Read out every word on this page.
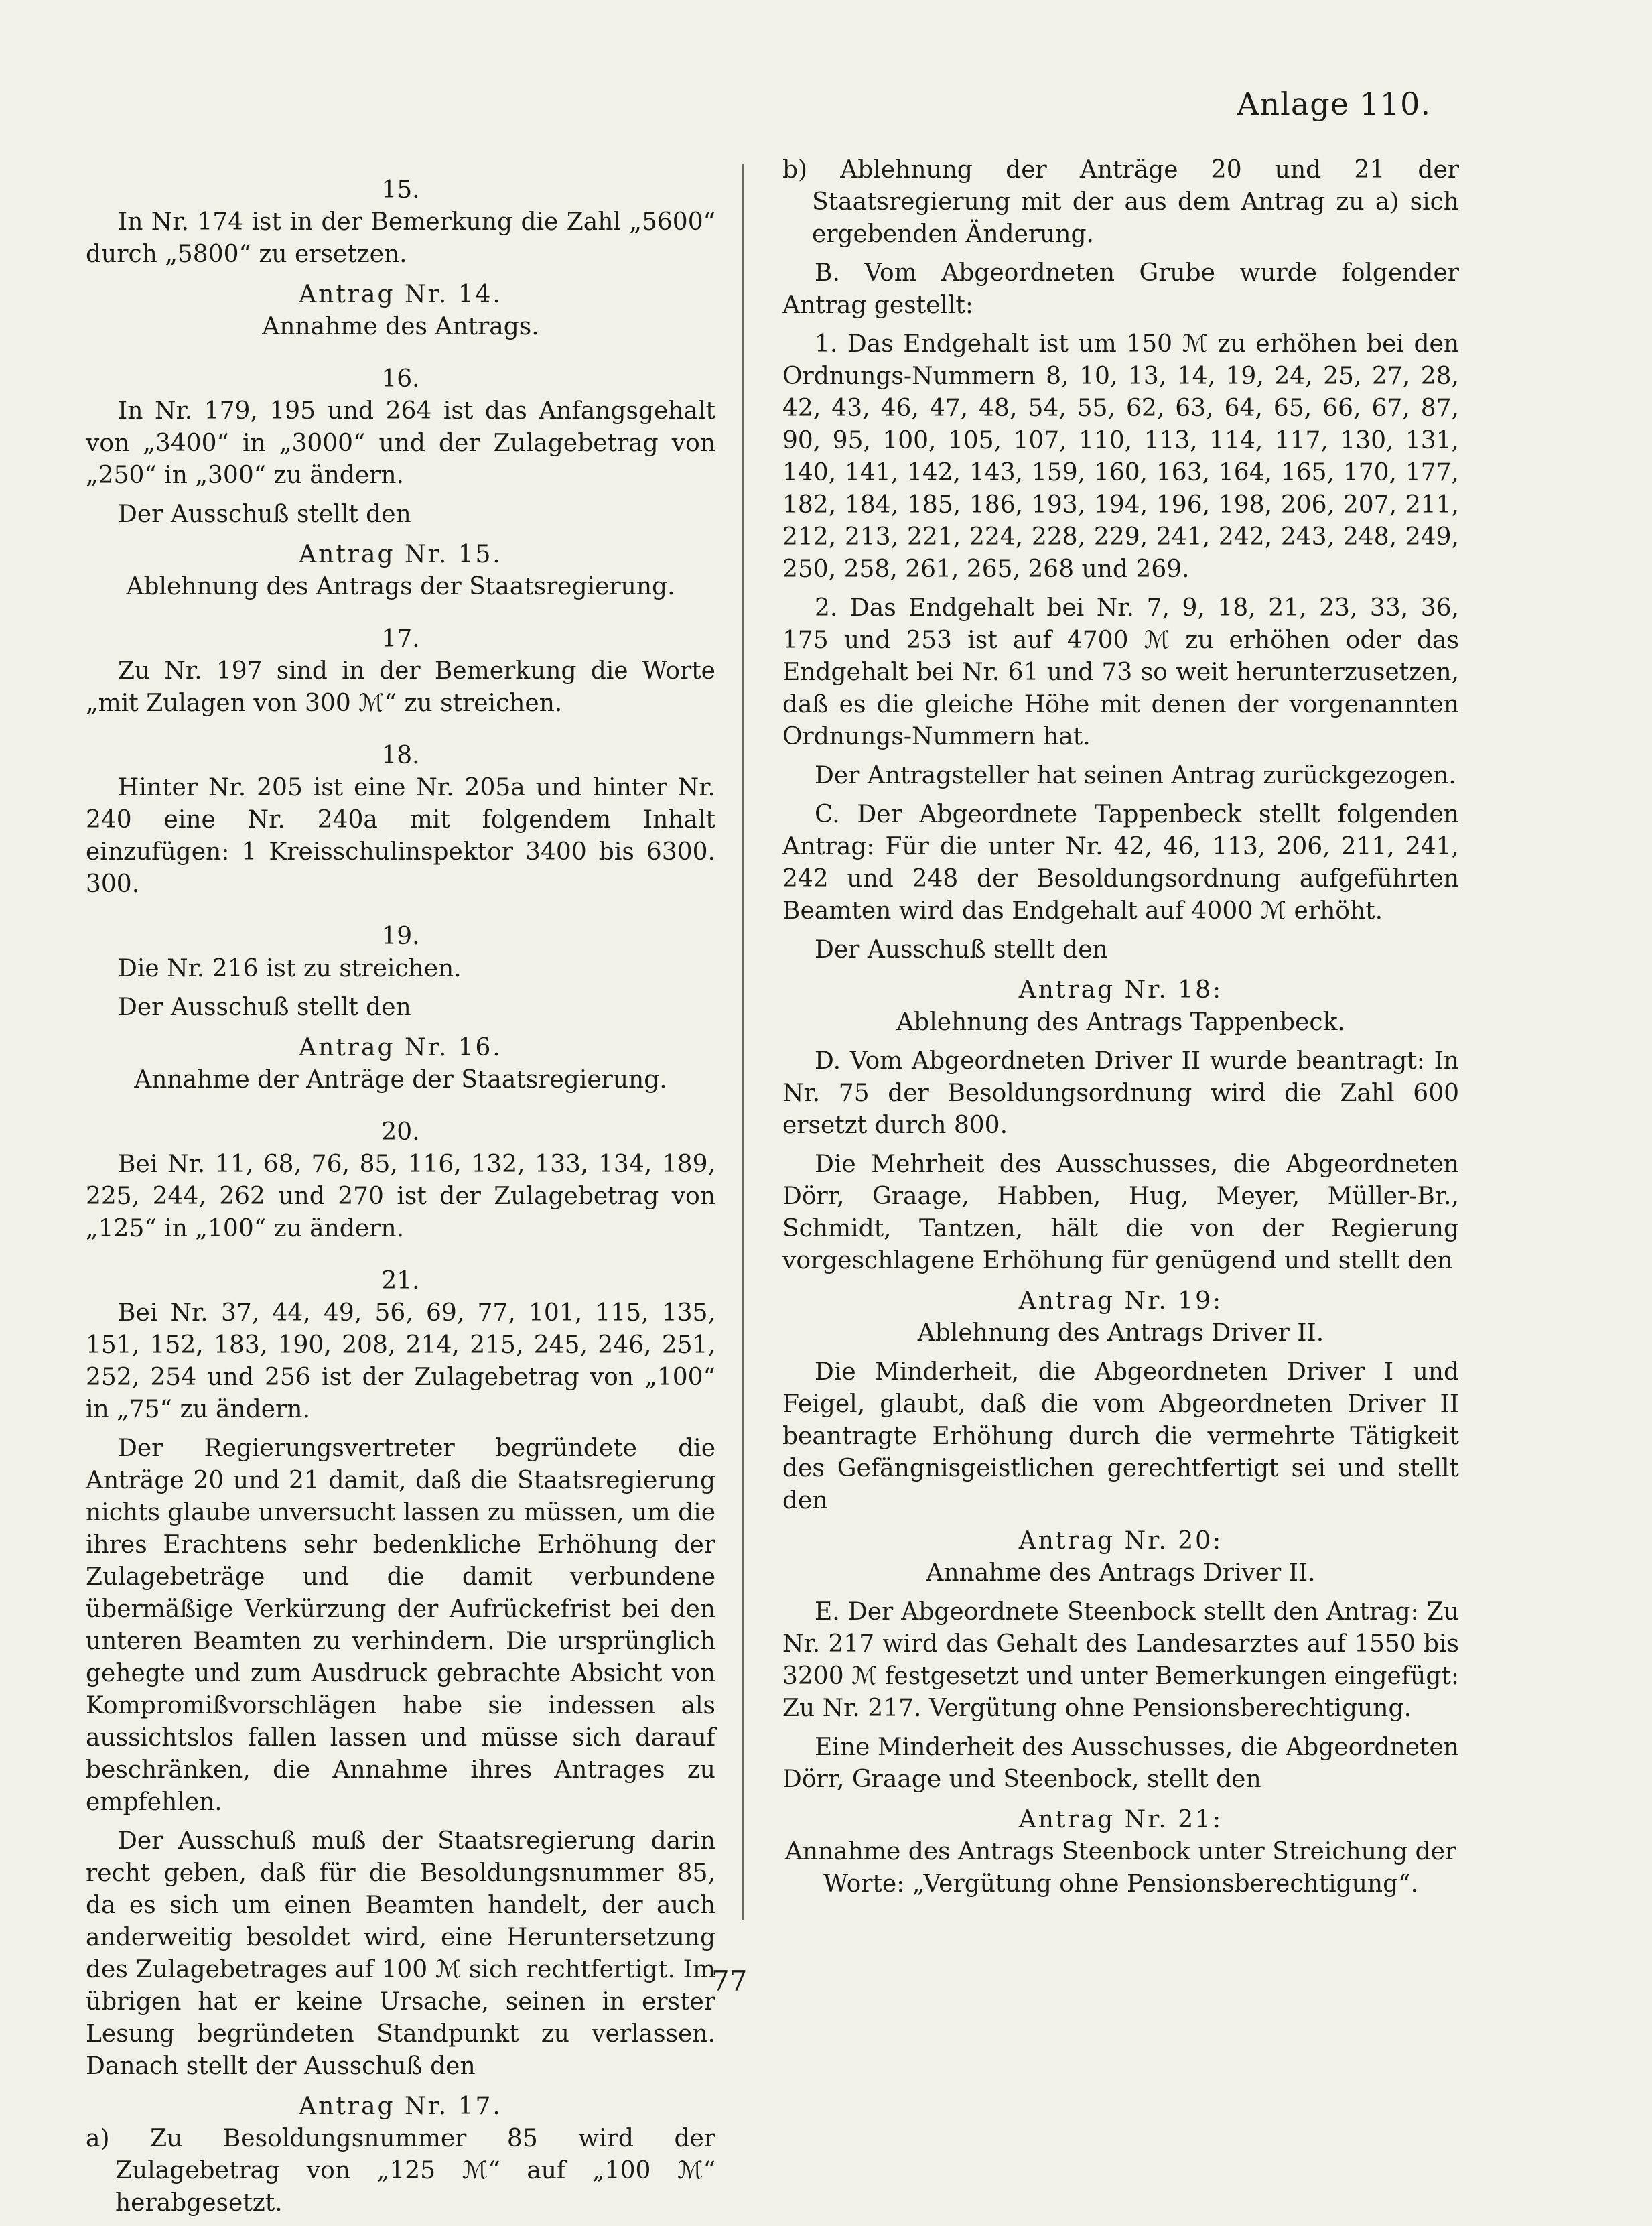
Anlage 110.
15.
In Nr. 174 ist in der Bemerkung die Zahl „5600“ durch „5800“ zu ersetzen.
Antrag Nr. 14.
Annahme des Antrags.
16.
In Nr. 179, 195 und 264 ist das Anfangsgehalt von „3400“ in „3000“ und der Zulagebetrag von „250“ in „300“ zu ändern.
Der Ausschuß stellt den
Antrag Nr. 15.
Ablehnung des Antrags der Staatsregierung.
17.
Zu Nr. 197 sind in der Bemerkung die Worte „mit Zulagen von 300 ℳ“ zu streichen.
18.
Hinter Nr. 205 ist eine Nr. 205a und hinter Nr. 240 eine Nr. 240a mit folgendem Inhalt einzufügen: 1 Kreisschulinspektor 3400 bis 6300. 300.
19.
Die Nr. 216 ist zu streichen.
Der Ausschuß stellt den
Antrag Nr. 16.
Annahme der Anträge der Staatsregierung.
20.
Bei Nr. 11, 68, 76, 85, 116, 132, 133, 134, 189, 225, 244, 262 und 270 ist der Zulagebetrag von „125“ in „100“ zu ändern.
21.
Bei Nr. 37, 44, 49, 56, 69, 77, 101, 115, 135, 151, 152, 183, 190, 208, 214, 215, 245, 246, 251, 252, 254 und 256 ist der Zulagebetrag von „100“ in „75“ zu ändern.
Der Regierungsvertreter begründete die Anträge 20 und 21 damit, daß die Staatsregierung nichts glaube unversucht lassen zu müssen, um die ihres Erachtens sehr bedenkliche Erhöhung der Zulagebeträge und die damit verbundene übermäßige Verkürzung der Aufrückefrist bei den unteren Beamten zu verhindern. Die ursprünglich gehegte und zum Ausdruck gebrachte Absicht von Kompromißvorschlägen habe sie indessen als aussichtslos fallen lassen und müsse sich darauf beschränken, die Annahme ihres Antrages zu empfehlen.
Der Ausschuß muß der Staatsregierung darin recht geben, daß für die Besoldungsnummer 85, da es sich um einen Beamten handelt, der auch anderweitig besoldet wird, eine Heruntersetzung des Zulagebetrages auf 100 ℳ sich rechtfertigt. Im übrigen hat er keine Ursache, seinen in erster Lesung begründeten Standpunkt zu verlassen. Danach stellt der Ausschuß den
Antrag Nr. 17.
a) Zu Besoldungsnummer 85 wird der Zulagebetrag von „125 ℳ“ auf „100 ℳ“ herabgesetzt.
b) Ablehnung der Anträge 20 und 21 der Staatsregierung mit der aus dem Antrag zu a) sich ergebenden Änderung.
B. Vom Abgeordneten Grube wurde folgender Antrag gestellt:
1. Das Endgehalt ist um 150 ℳ zu erhöhen bei den Ordnungs-Nummern 8, 10, 13, 14, 19, 24, 25, 27, 28, 42, 43, 46, 47, 48, 54, 55, 62, 63, 64, 65, 66, 67, 87, 90, 95, 100, 105, 107, 110, 113, 114, 117, 130, 131, 140, 141, 142, 143, 159, 160, 163, 164, 165, 170, 177, 182, 184, 185, 186, 193, 194, 196, 198, 206, 207, 211, 212, 213, 221, 224, 228, 229, 241, 242, 243, 248, 249, 250, 258, 261, 265, 268 und 269.
2. Das Endgehalt bei Nr. 7, 9, 18, 21, 23, 33, 36, 175 und 253 ist auf 4700 ℳ zu erhöhen oder das Endgehalt bei Nr. 61 und 73 so weit herunterzusetzen, daß es die gleiche Höhe mit denen der vorgenannten Ordnungs-Nummern hat.
Der Antragsteller hat seinen Antrag zurückgezogen.
C. Der Abgeordnete Tappenbeck stellt folgenden Antrag: Für die unter Nr. 42, 46, 113, 206, 211, 241, 242 und 248 der Besoldungsordnung aufgeführten Beamten wird das Endgehalt auf 4000 ℳ erhöht.
Der Ausschuß stellt den
Antrag Nr. 18:
Ablehnung des Antrags Tappenbeck.
D. Vom Abgeordneten Driver II wurde beantragt: In Nr. 75 der Besoldungsordnung wird die Zahl 600 ersetzt durch 800.
Die Mehrheit des Ausschusses, die Abgeordneten Dörr, Graage, Habben, Hug, Meyer, Müller-Br., Schmidt, Tantzen, hält die von der Regierung vorgeschlagene Erhöhung für genügend und stellt den
Antrag Nr. 19:
Ablehnung des Antrags Driver II.
Die Minderheit, die Abgeordneten Driver I und Feigel, glaubt, daß die vom Abgeordneten Driver II beantragte Erhöhung durch die vermehrte Tätigkeit des Gefängnisgeistlichen gerechtfertigt sei und stellt den
Antrag Nr. 20:
Annahme des Antrags Driver II.
E. Der Abgeordnete Steenbock stellt den Antrag: Zu Nr. 217 wird das Gehalt des Landesarztes auf 1550 bis 3200 ℳ festgesetzt und unter Bemerkungen eingefügt: Zu Nr. 217. Vergütung ohne Pensionsberechtigung.
Eine Minderheit des Ausschusses, die Abgeordneten Dörr, Graage und Steenbock, stellt den
Antrag Nr. 21:
Annahme des Antrags Steenbock unter Streichung der Worte: „Vergütung ohne Pensionsberechtigung“.
77
